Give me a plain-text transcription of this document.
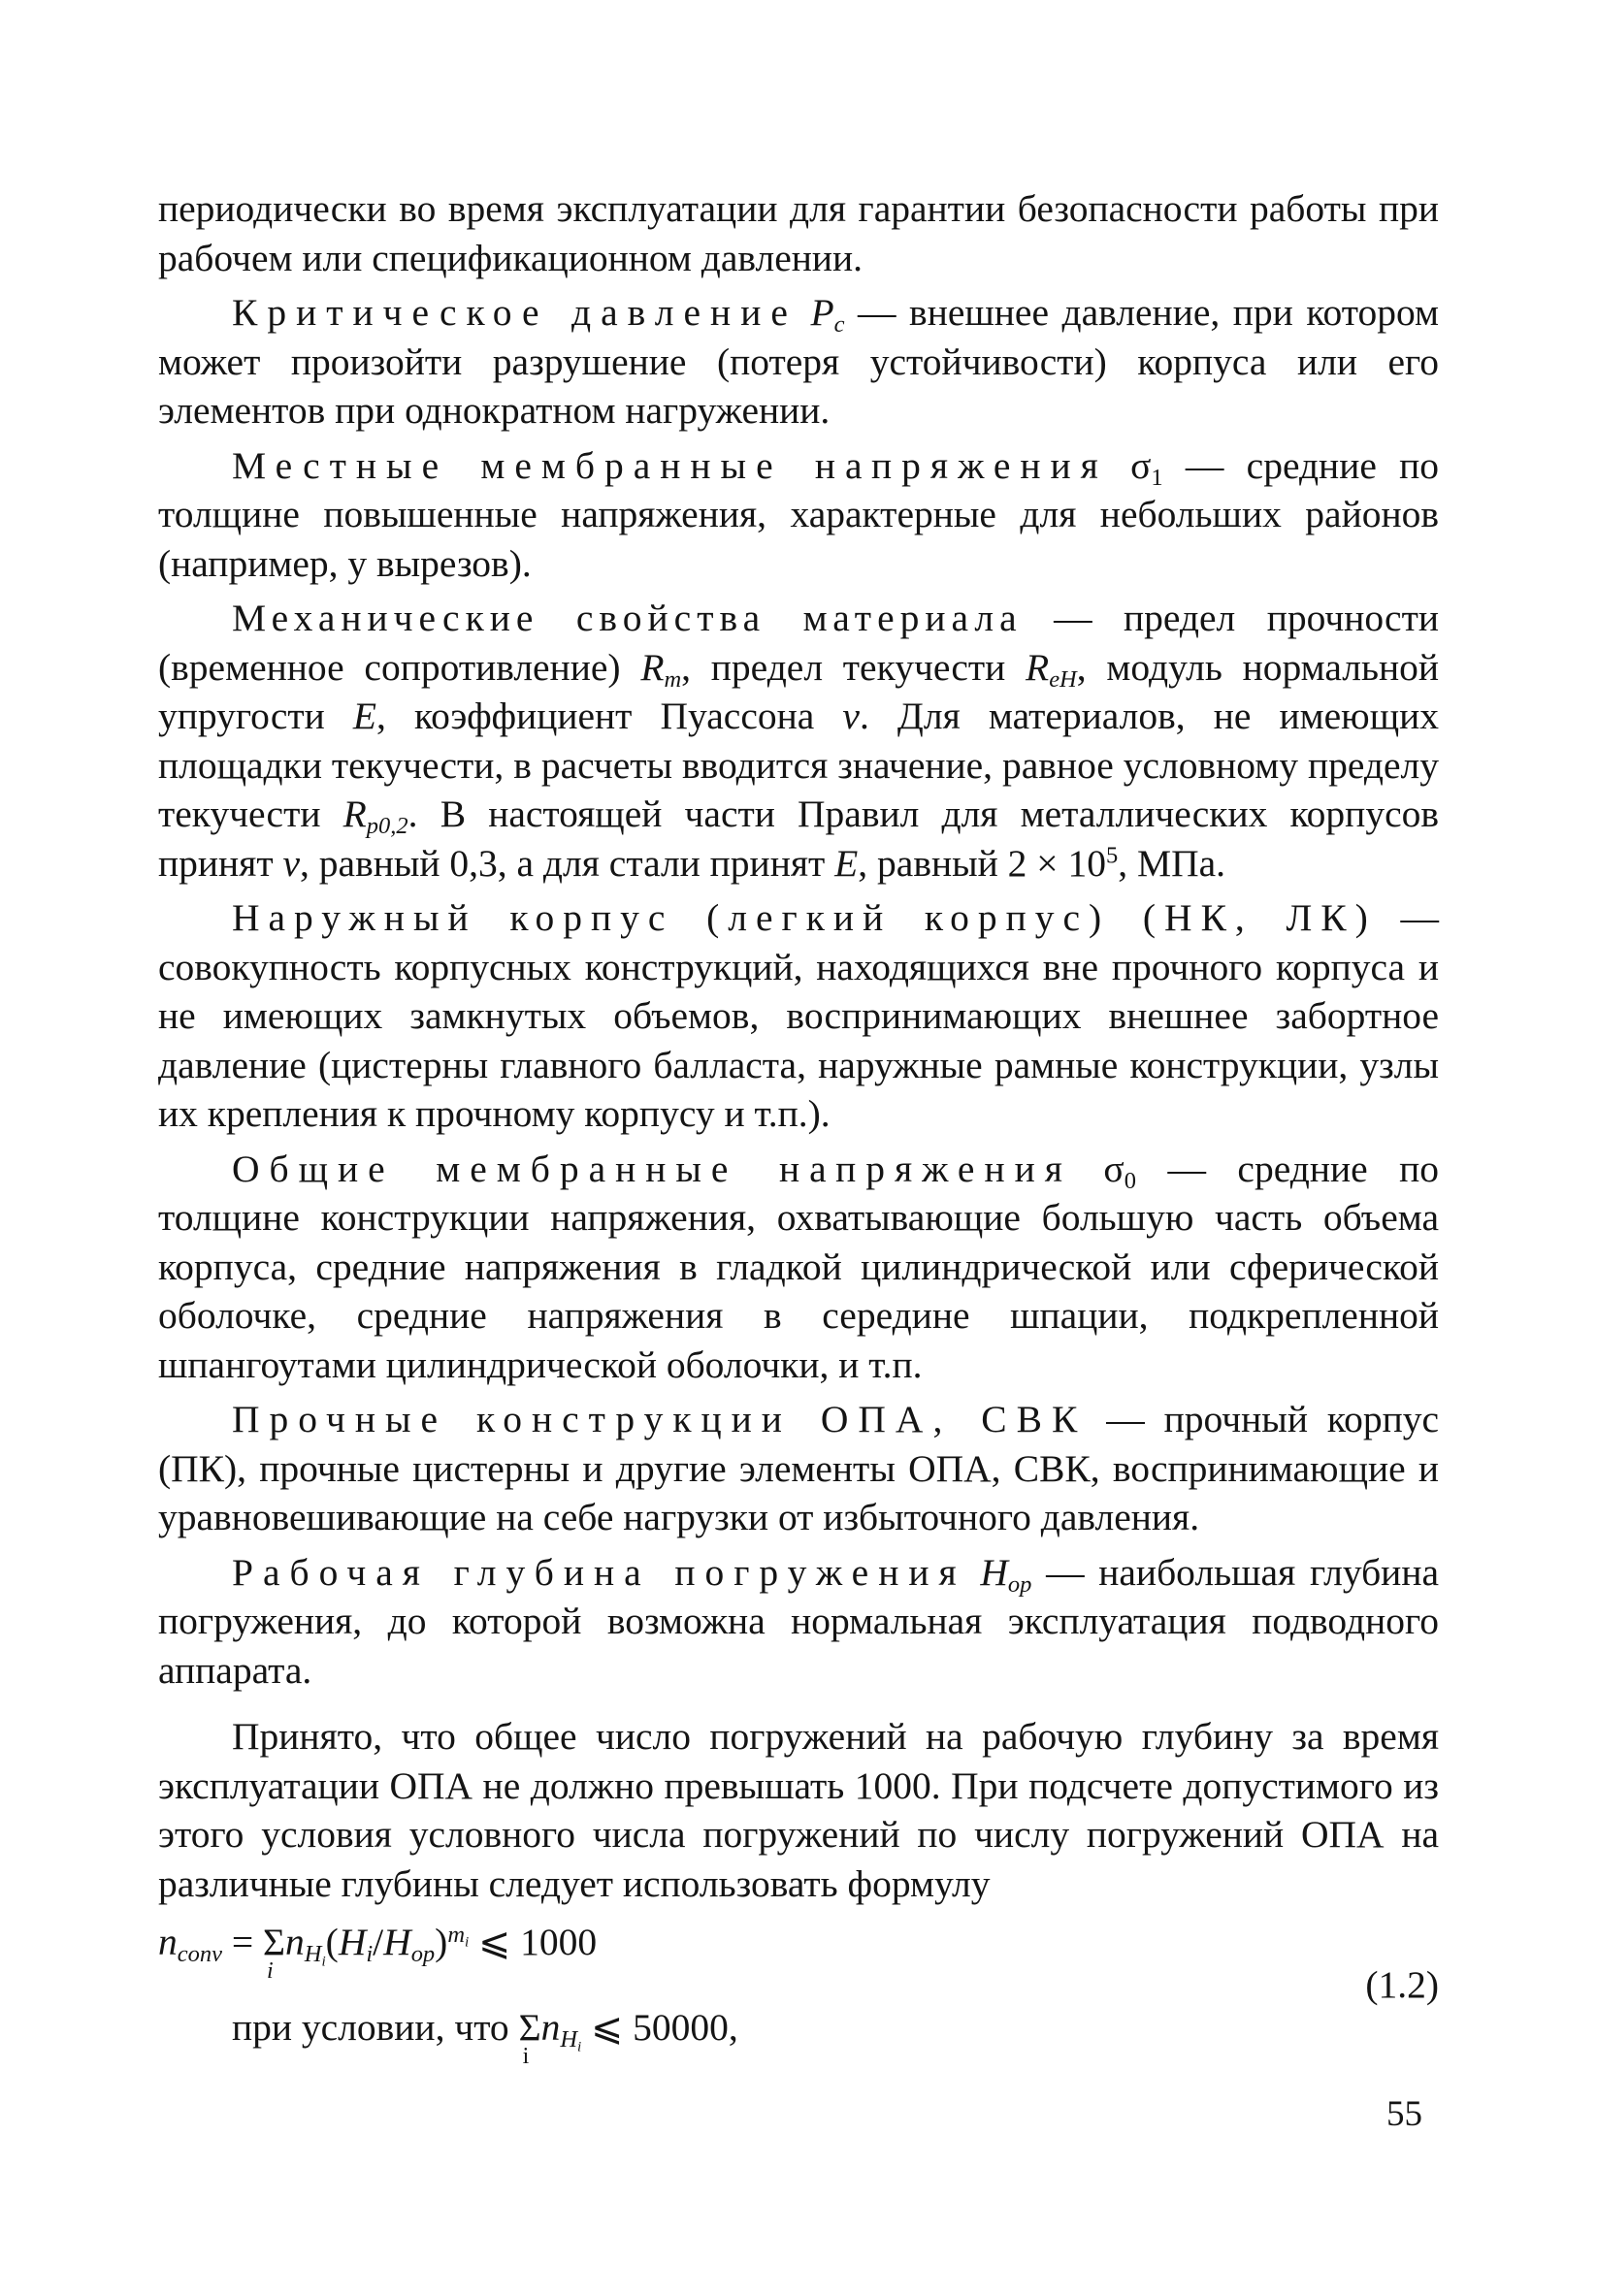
периодически во время эксплуатации для гарантии безопасности работы при рабочем или спецификационном давлении.

Критическое давление $P_c$ — внешнее давление, при котором может произойти разрушение (потеря устойчивости) корпуса или его элементов при однократном нагружении.

Местные мембранные напряжения $\sigma_1$ — средние по толщине повышенные напряжения, характерные для небольших районов (например, у вырезов).

Механические свойства материала — предел прочности (временное сопротивление) $R_m$, предел текучести $R_{eH}$, модуль нормальной упругости E, коэффициент Пуассона ν. Для материалов, не имеющих площадки текучести, в расчеты вводится значение, равное условному пределу текучести $R_{p0,2}$. В настоящей части Правил для металлических корпусов принят ν, равный 0,3, а для стали принят E, равный $2 \times 10^5$, МПа.

Наружный корпус (легкий корпус) (НК, ЛК) — совокупность корпусных конструкций, находящихся вне прочного корпуса и не имеющих замкнутых объемов, воспринимающих внешнее забортное давление (цистерны главного балласта, наружные рамные конструкции, узлы их крепления к прочному корпусу и т.п.).

Общие мембранные напряжения $\sigma_0$ — средние по толщине конструкции напряжения, охватывающие большую часть объема корпуса, средние напряжения в гладкой цилиндрической или сферической оболочке, средние напряжения в середине шпации, подкрепленной шпангоутами цилиндрической оболочки, и т.п.

Прочные конструкции ОПА, СВК — прочный корпус (ПК), прочные цистерны и другие элементы ОПА, СВК, воспринимающие и уравновешивающие на себе нагрузки от избыточного давления.

Рабочая глубина погружения $H_{op}$ — наибольшая глубина погружения, до которой возможна нормальная эксплуатация подводного аппарата.

Принято, что общее число погружений на рабочую глубину за время эксплуатации ОПА не должно превышать 1000. При подсчете допустимого из этого условия условного числа погружений по числу погружений ОПА на различные глубины следует использовать формулу

$n_{conv} = \Sigma$
i
$n_{H_i}(H_i/H_{op})^{m_i}$ ⩽ 1000
(1.2)
при условии, что Σ
i
$n_{H_i}$ ⩽ 50000,
55
